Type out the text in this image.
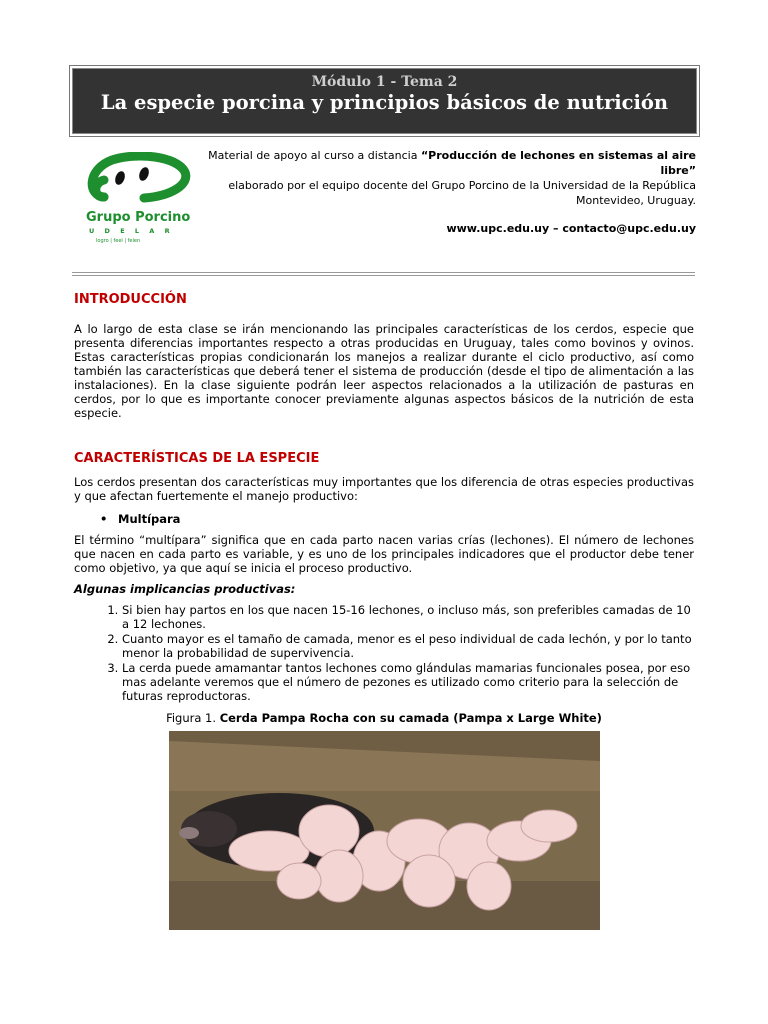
Módulo 1 - Tema 2
La especie porcina y principios básicos de nutrición
Grupo Porcino
U D E L A R
logro | feel | felen
Material de apoyo al curso a distancia “Producción de lechones en sistemas al aire libre”
elaborado por el equipo docente del Grupo Porcino de la Universidad de la República
Montevideo, Uruguay.
www.upc.edu.uy – contacto@upc.edu.uy
INTRODUCCIÓN
A lo largo de esta clase se irán mencionando las principales características de los cerdos, especie que presenta diferencias importantes respecto a otras producidas en Uruguay, tales como bovinos y ovinos. Estas características propias condicionarán los manejos a realizar durante el ciclo productivo, así como también las características que deberá tener el sistema de producción (desde el tipo de alimentación a las instalaciones). En la clase siguiente podrán leer aspectos relacionados a la utilización de pasturas en cerdos, por lo que es importante conocer previamente algunas aspectos básicos de la nutrición de esta especie.
CARACTERÍSTICAS DE LA ESPECIE
Los cerdos presentan dos características muy importantes que los diferencia de otras especies productivas y que afectan fuertemente el manejo productivo:
• Multípara
El término “multípara” significa que en cada parto nacen varias crías (lechones). El número de lechones que nacen en cada parto es variable, y es uno de los principales indicadores que el productor debe tener como objetivo, ya que aquí se inicia el proceso productivo.
Algunas implicancias productivas:
1. Si bien hay partos en los que nacen 15-16 lechones, o incluso más, son preferibles camadas de 10 a 12 lechones.
2. Cuanto mayor es el tamaño de camada, menor es el peso individual de cada lechón, y por lo tanto menor la probabilidad de supervivencia.
3. La cerda puede amamantar tantos lechones como glándulas mamarias funcionales posea, por eso mas adelante veremos que el número de pezones es utilizado como criterio para la selección de futuras reproductoras.
Figura 1. Cerda Pampa Rocha con su camada (Pampa x Large White)
